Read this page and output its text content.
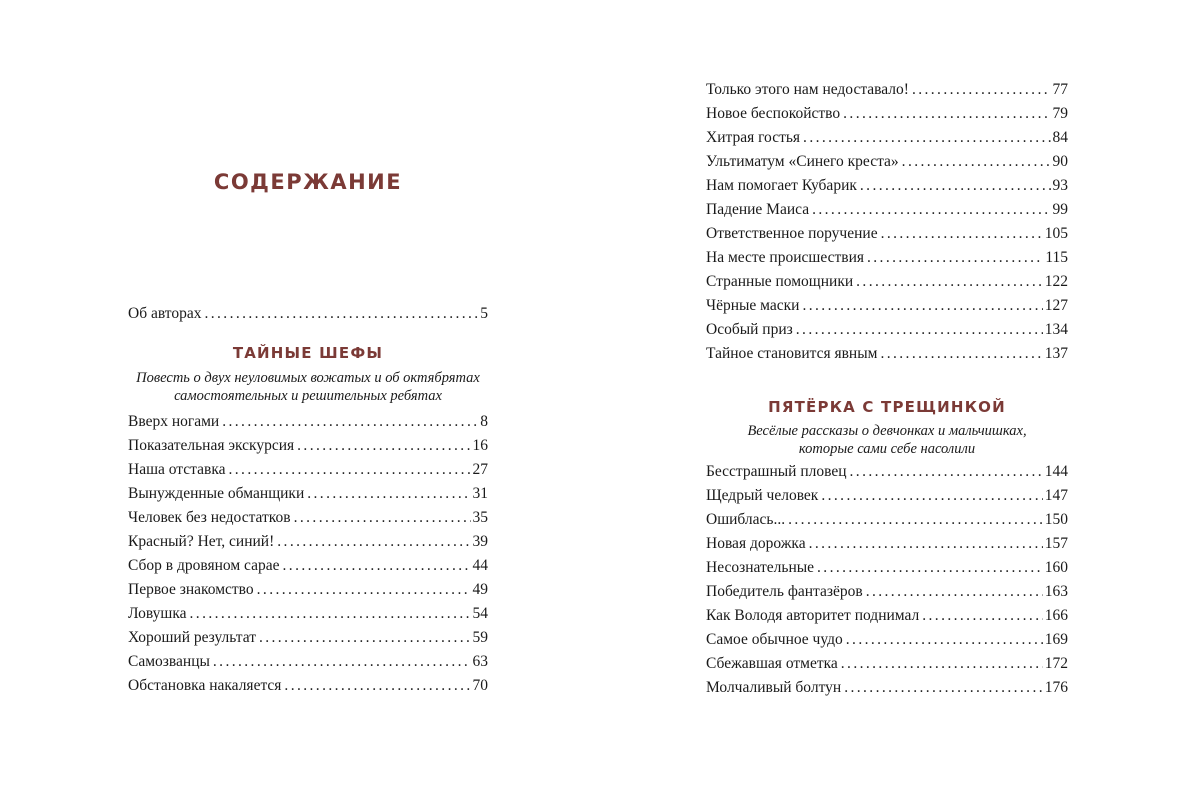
СОДЕРЖАНИЕ
Об авторах .....	5
ТАЙНЫЕ ШЕФЫ
Повесть о двух неуловимых вожатых и об октябрятах
самостоятельных и решительных ребятах
Вверх ногами .....	8
Показательная экскурсия .....	16
Наша отставка .....	27
Вынужденные обманщики .....	31
Человек без недостатков .....	35
Красный? Нет, синий! .....	39
Сбор в дровяном сарае .....	44
Первое знакомство .....	49
Ловушка .....	54
Хороший результат .....	59
Самозванцы .....	63
Обстановка накаляется .....	70
Только этого нам недоставало! .....	77
Новое беспокойство .....	79
Хитрая гостья .....	84
Ультиматум «Синего креста» .....	90
Нам помогает Кубарик .....	93
Падение Маиса .....	99
Ответственное поручение .....	105
На месте происшествия .....	115
Странные помощники .....	122
Чёрные маски .....	127
Особый приз .....	134
Тайное становится явным .....	137
ПЯТЁРКА С ТРЕЩИНКОЙ
Весёлые рассказы о девчонках и мальчишках,
которые сами себе насолили
Бесстрашный пловец .....	144
Щедрый человек .....	147
Ошиблась... .....	150
Новая дорожка .....	157
Несознательные .....	160
Победитель фантазёров .....	163
Как Володя авторитет поднимал .....	166
Самое обычное чудо .....	169
Сбежавшая отметка .....	172
Молчаливый болтун .....	176
